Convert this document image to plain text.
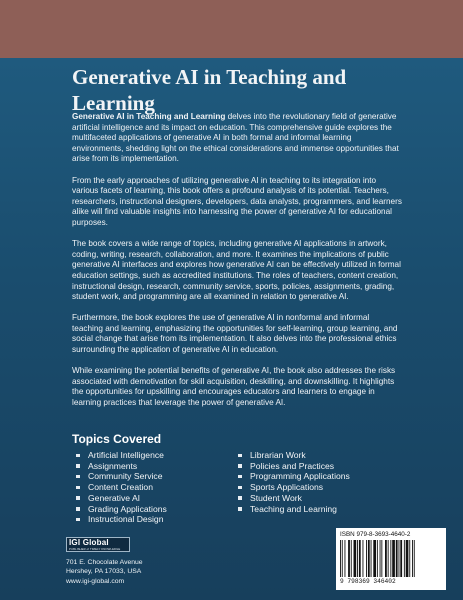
Generative AI in Teaching and Learning

Generative AI in Teaching and Learning delves into the revolutionary field of generative artificial intelligence and its impact on education. This comprehensive guide explores the multifaceted applications of generative AI in both formal and informal learning environments, shedding light on the ethical considerations and immense opportunities that arise from its implementation.

From the early approaches of utilizing generative AI in teaching to its integration into various facets of learning, this book offers a profound analysis of its potential. Teachers, researchers, instructional designers, developers, data analysts, programmers, and learners alike will find valuable insights into harnessing the power of generative AI for educational purposes.

The book covers a wide range of topics, including generative AI applications in artwork, coding, writing, research, collaboration, and more. It examines the implications of public generative AI interfaces and explores how generative AI can be effectively utilized in formal education settings, such as accredited institutions. The roles of teachers, content creation, instructional design, research, community service, sports, policies, assignments, grading, student work, and programming are all examined in relation to generative AI.

Furthermore, the book explores the use of generative AI in nonformal and informal teaching and learning, emphasizing the opportunities for self-learning, group learning, and social change that arise from its implementation. It also delves into the professional ethics surrounding the application of generative AI in education.

While examining the potential benefits of generative AI, the book also addresses the risks associated with demotivation for skill acquisition, deskilling, and downskilling. It highlights the opportunities for upskilling and encourages educators and learners to engage in learning practices that leverage the power of generative AI.

Topics Covered
Artificial Intelligence
Assignments
Community Service
Content Creation
Generative AI
Grading Applications
Instructional Design
Librarian Work
Policies and Practices
Programming Applications
Sports Applications
Student Work
Teaching and Learning
IGI Global
PUBLISHER of TIMELY KNOWLEDGE
701 E. Chocolate Avenue
Hershey, PA 17033, USA
www.igi-global.com
ISBN 979-8-3693-4640-2
9 798369 346402
